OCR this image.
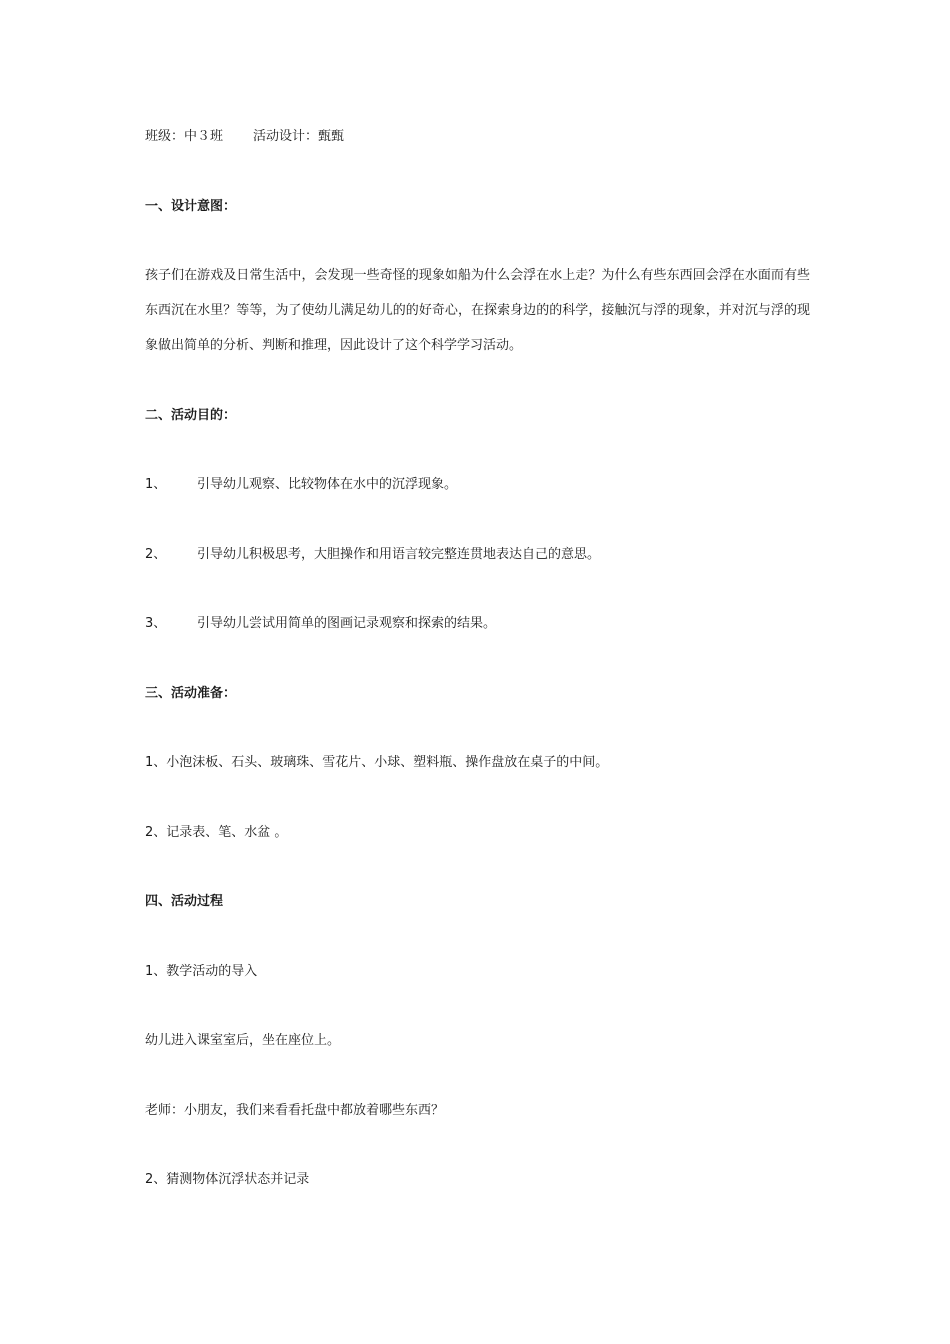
班级：中３班 活动设计：甄甄
一、设计意图：
孩子们在游戏及日常生活中，会发现一些奇怪的现象如船为什么会浮在水上走？为什么有些东西回会浮在水面而有些东西沉在水里？等等，为了使幼儿满足幼儿的的好奇心，在探索身边的的科学，接触沉与浮的现象，并对沉与浮的现象做出简单的分析、判断和推理，因此设计了这个科学学习活动。
二、活动目的：
1、 引导幼儿观察、比较物体在水中的沉浮现象。
2、 引导幼儿积极思考，大胆操作和用语言较完整连贯地表达自己的意思。
3、 引导幼儿尝试用简单的图画记录观察和探索的结果。
三、活动准备：
1、小泡沫板、石头、玻璃珠、雪花片、小球、塑料瓶、操作盘放在桌子的中间。
2、记录表、笔、水盆 。
四、活动过程
1、教学活动的导入
幼儿进入课室室后，坐在座位上。
老师：小朋友，我们来看看托盘中都放着哪些东西？
2、猜测物体沉浮状态并记录
